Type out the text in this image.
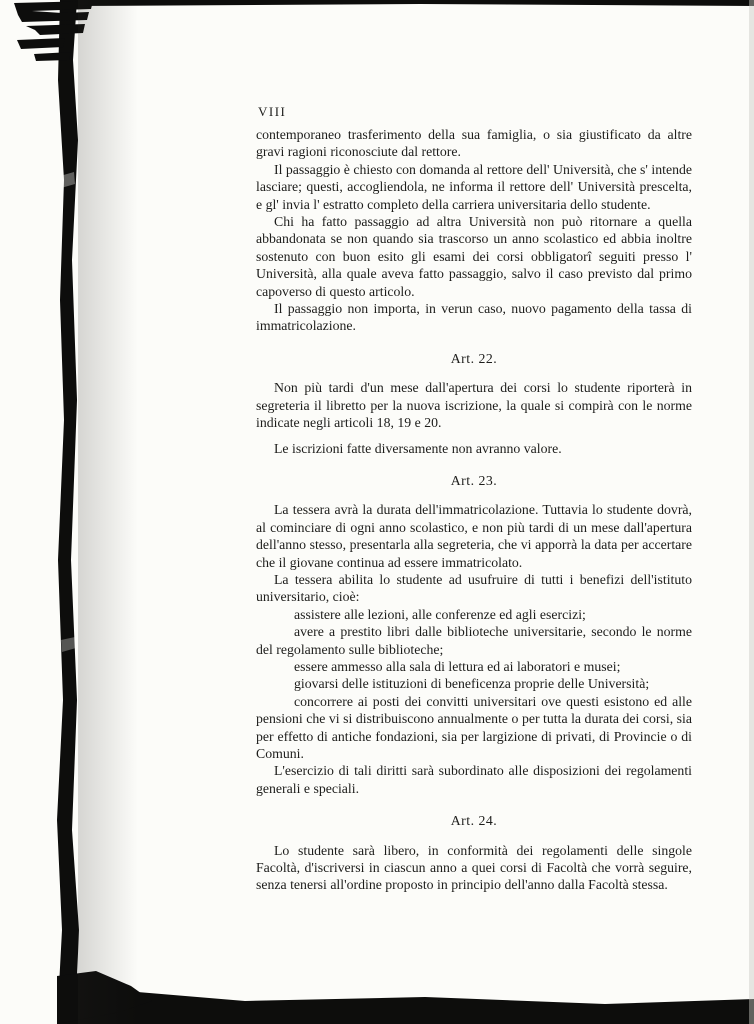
VIII

contemporaneo trasferimento della sua famiglia, o sia giustificato da altre gravi ragioni riconosciute dal rettore.

Il passaggio è chiesto con domanda al rettore dell' Università, che s' intende lasciare; questi, accogliendola, ne informa il rettore dell' Università prescelta, e gl' invia l' estratto completo della carriera universitaria dello studente.

Chi ha fatto passaggio ad altra Università non può ritornare a quella abbandonata se non quando sia trascorso un anno scolastico ed abbia inoltre sostenuto con buon esito gli esami dei corsi obbligatorî seguiti presso l' Università, alla quale aveva fatto passaggio, salvo il caso previsto dal primo capoverso di questo articolo.

Il passaggio non importa, in verun caso, nuovo pagamento della tassa di immatricolazione.

Art. 22.

Non più tardi d'un mese dall'apertura dei corsi lo studente riporterà in segreteria il libretto per la nuova iscrizione, la quale si compirà con le norme indicate negli articoli 18, 19 e 20.

Le iscrizioni fatte diversamente non avranno valore.

Art. 23.

La tessera avrà la durata dell'immatricolazione. Tuttavia lo studente dovrà, al cominciare di ogni anno scolastico, e non più tardi di un mese dall'apertura dell'anno stesso, presentarla alla segreteria, che vi apporrà la data per accertare che il giovane continua ad essere immatricolato.

La tessera abilita lo studente ad usufruire di tutti i benefizi dell'istituto universitario, cioè:

assistere alle lezioni, alle conferenze ed agli esercizi;

avere a prestito libri dalle biblioteche universitarie, secondo le norme del regolamento sulle biblioteche;

essere ammesso alla sala di lettura ed ai laboratori e musei;

giovarsi delle istituzioni di beneficenza proprie delle Università;

concorrere ai posti dei convitti universitari ove questi esistono ed alle pensioni che vi si distribuiscono annualmente o per tutta la durata dei corsi, sia per effetto di antiche fondazioni, sia per largizione di privati, di Provincie o di Comuni.

L'esercizio di tali diritti sarà subordinato alle disposizioni dei regolamenti generali e speciali.

Art. 24.

Lo studente sarà libero, in conformità dei regolamenti delle singole Facoltà, d'iscriversi in ciascun anno a quei corsi di Facoltà che vorrà seguire, senza tenersi all'ordine proposto in principio dell'anno dalla Facoltà stessa.
